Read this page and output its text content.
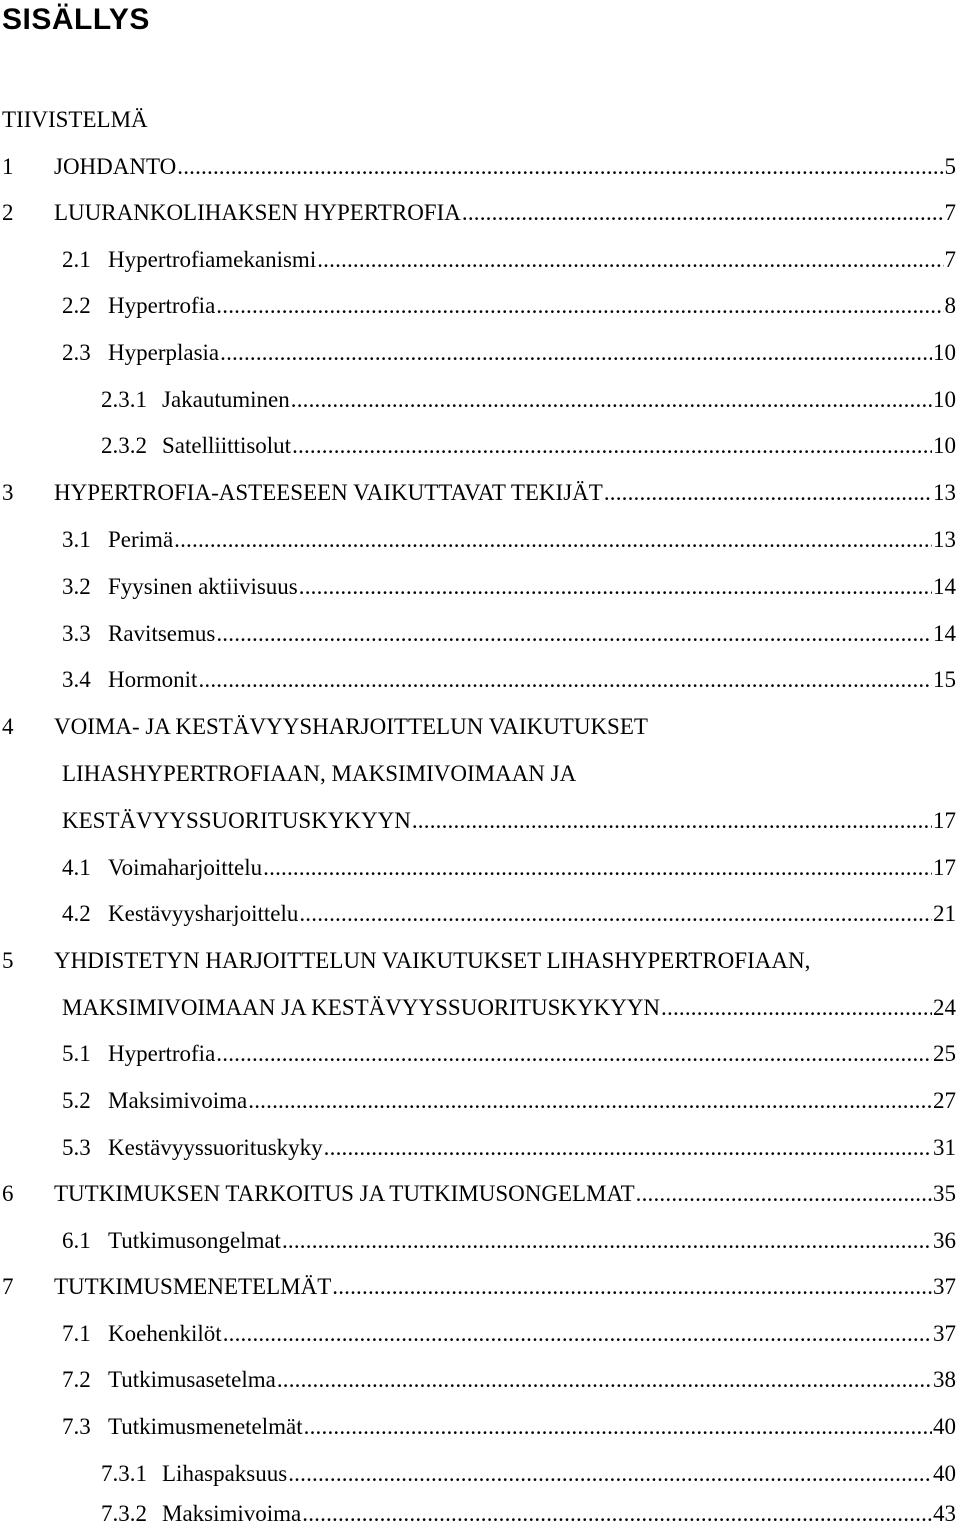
SISÄLLYS
TIIVISTELMÄ
1 JOHDANTO .....	5
2 LUURANKOLIHAKSEN HYPERTROFIA .....	7
2.1 Hypertrofiamekanismi .....	7
2.2 Hypertrofia .....	8
2.3 Hyperplasia .....	10
2.3.1 Jakautuminen .....	10
2.3.2 Satelliittisolut .....	10
3 HYPERTROFIA-ASTEESEEN VAIKUTTAVAT TEKIJÄT .....	13
3.1 Perimä .....	13
3.2 Fyysinen aktiivisuus .....	14
3.3 Ravitsemus .....	14
3.4 Hormonit .....	15
4 VOIMA- JA KESTÄVYYSHARJOITTELUN VAIKUTUKSET
LIHASHYPERTROFIAAN, MAKSIMIVOIMAAN JA
KESTÄVYYSSUORITUSKYKYYN .....	17
4.1 Voimaharjoittelu .....	17
4.2 Kestävyysharjoittelu .....	21
5 YHDISTETYN HARJOITTELUN VAIKUTUKSET LIHASHYPERTROFIAAN,
MAKSIMIVOIMAAN JA KESTÄVYYSSUORITUSKYKYYN .....	24
5.1 Hypertrofia .....	25
5.2 Maksimivoima .....	27
5.3 Kestävyyssuorituskyky .....	31
6 TUTKIMUKSEN TARKOITUS JA TUTKIMUSONGELMAT .....	35
6.1 Tutkimusongelmat .....	36
7 TUTKIMUSMENETELMÄT .....	37
7.1 Koehenkilöt .....	37
7.2 Tutkimusasetelma .....	38
7.3 Tutkimusmenetelmät .....	40
7.3.1 Lihaspaksuus .....	40
7.3.2 Maksimivoima .....	43
